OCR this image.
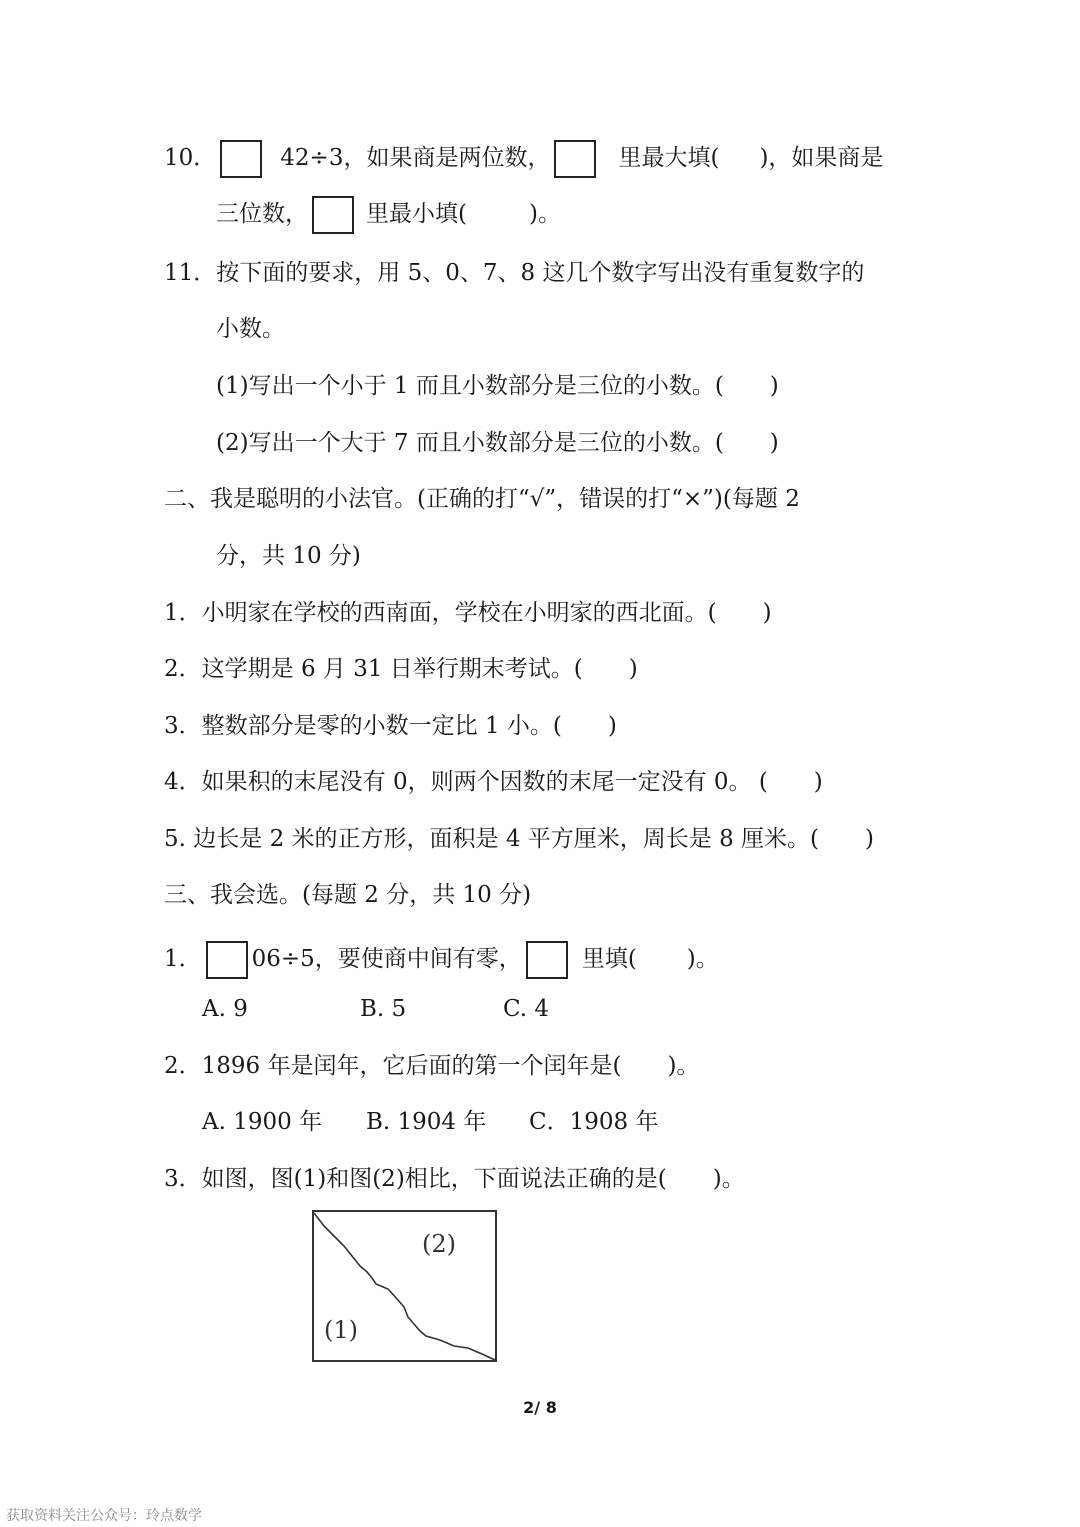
10．	42÷3，如果商是两位数，	里最大填( )，如果商是
三位数，	里最小填(	)。
11．按下面的要求，用 5、0、7、8 这几个数字写出没有重复数字的
小数。
(1)写出一个小于 1 而且小数部分是三位的小数。(　　)
(2)写出一个大于 7 而且小数部分是三位的小数。(　　)
二、我是聪明的小法官。(正确的打“√”，错误的打“×”)(每题 2
分，共 10 分)
1．小明家在学校的西南面，学校在小明家的西北面。(　　)
2．这学期是 6 月 31 日举行期末考试。(　　)
3．整数部分是零的小数一定比 1 小。(　　)
4．如果积的末尾没有 0，则两个因数的末尾一定没有 0。 (　　)
5. 边长是 2 米的正方形，面积是 4 平方厘米，周长是 8 厘米。(　　)
三、我会选。(每题 2 分，共 10 分)
1． 06÷5，要使商中间有零，	里填( )。
A. 9	B. 5	C. 4
2．1896 年是闰年，它后面的第一个闰年是(　　)。
A. 1900 年 B. 1904 年 C．1908 年
3．如图，图(1)和图(2)相比，下面说法正确的是(　　)。
(2)
(1)
2/ 8
获取资料关注公众号：玲点数学
